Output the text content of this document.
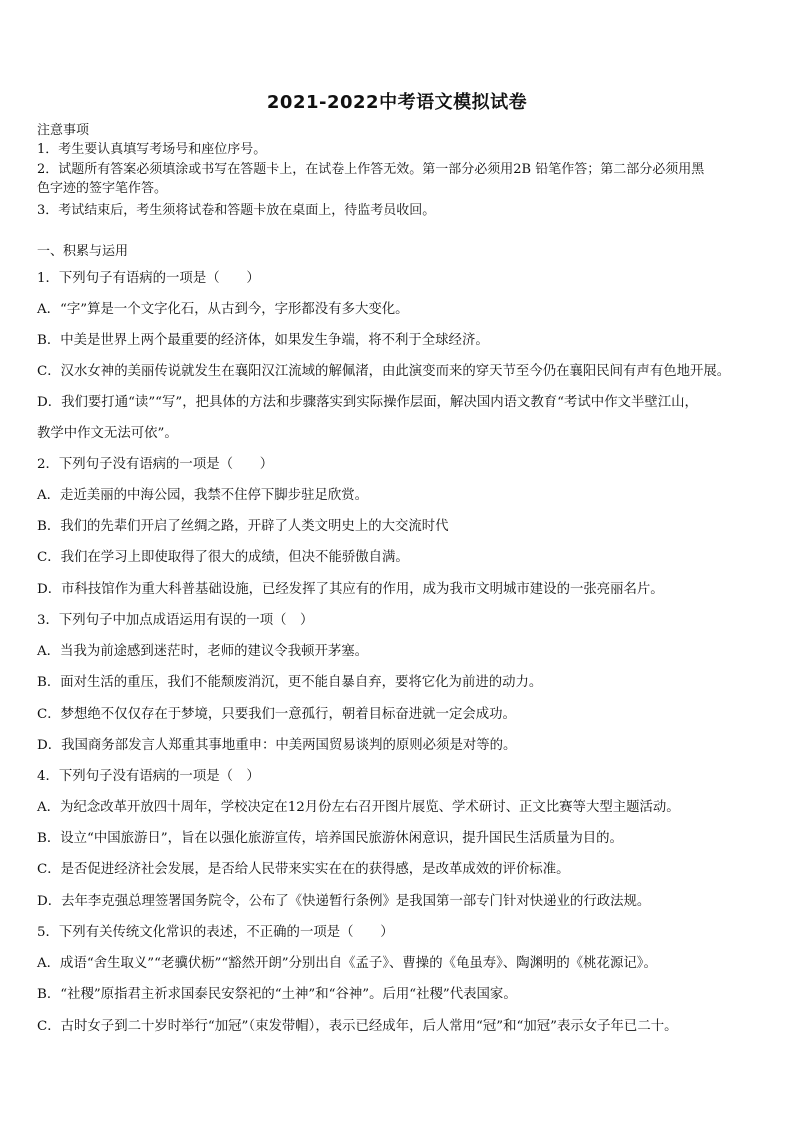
2021-2022中考语文模拟试卷
注意事项
1．考生要认真填写考场号和座位序号。
2．试题所有答案必须填涂或书写在答题卡上，在试卷上作答无效。第一部分必须用2B 铅笔作答；第二部分必须用黑
色字迹的签字笔作答。
3．考试结束后，考生须将试卷和答题卡放在桌面上，待监考员收回。
一、积累与运用
1．下列句子有语病的一项是（　　）
A．“字”算是一个文字化石，从古到今，字形都没有多大变化。
B．中美是世界上两个最重要的经济体，如果发生争端，将不利于全球经济。
C．汉水女神的美丽传说就发生在襄阳汉江流域的解佩渚，由此演变而来的穿天节至今仍在襄阳民间有声有色地开展。
D．我们要打通“读”“写”，把具体的方法和步骤落实到实际操作层面，解决国内语文教育“考试中作文半壁江山，
教学中作文无法可依”。
2．下列句子没有语病的一项是（　　）
A．走近美丽的中海公园，我禁不住停下脚步驻足欣赏。
B．我们的先辈们开启了丝绸之路，开辟了人类文明史上的大交流时代
C．我们在学习上即使取得了很大的成绩，但决不能骄傲自满。
D．市科技馆作为重大科普基础设施，已经发挥了其应有的作用，成为我市文明城市建设的一张亮丽名片。
3．下列句子中加点成语运用有误的一项（　）
A．当我为前途感到迷茫时，老师的建议令我顿开茅塞。
B．面对生活的重压，我们不能颓废消沉，更不能自暴自弃，要将它化为前进的动力。
C．梦想绝不仅仅存在于梦境，只要我们一意孤行，朝着目标奋进就一定会成功。
D．我国商务部发言人郑重其事地重申：中美两国贸易谈判的原则必须是对等的。
4．下列句子没有语病的一项是（　）
A．为纪念改革开放四十周年，学校决定在12月份左右召开图片展览、学术研讨、正文比赛等大型主题活动。
B．设立“中国旅游日”，旨在以强化旅游宣传，培养国民旅游休闲意识，提升国民生活质量为目的。
C．是否促进经济社会发展，是否给人民带来实实在在的获得感，是改革成效的评价标准。
D．去年李克强总理签署国务院令，公布了《快递暂行条例》是我国第一部专门针对快递业的行政法规。
5．下列有关传统文化常识的表述，不正确的一项是（　　）
A．成语“舍生取义”“老骥伏枥”“豁然开朗”分别出自《孟子》、曹操的《龟虽寿》、陶渊明的《桃花源记》。
B．“社稷”原指君主祈求国泰民安祭祀的“土神”和“谷神”。后用“社稷”代表国家。
C．古时女子到二十岁时举行“加冠”（束发带帽），表示已经成年，后人常用“冠”和“加冠”表示女子年已二十。
